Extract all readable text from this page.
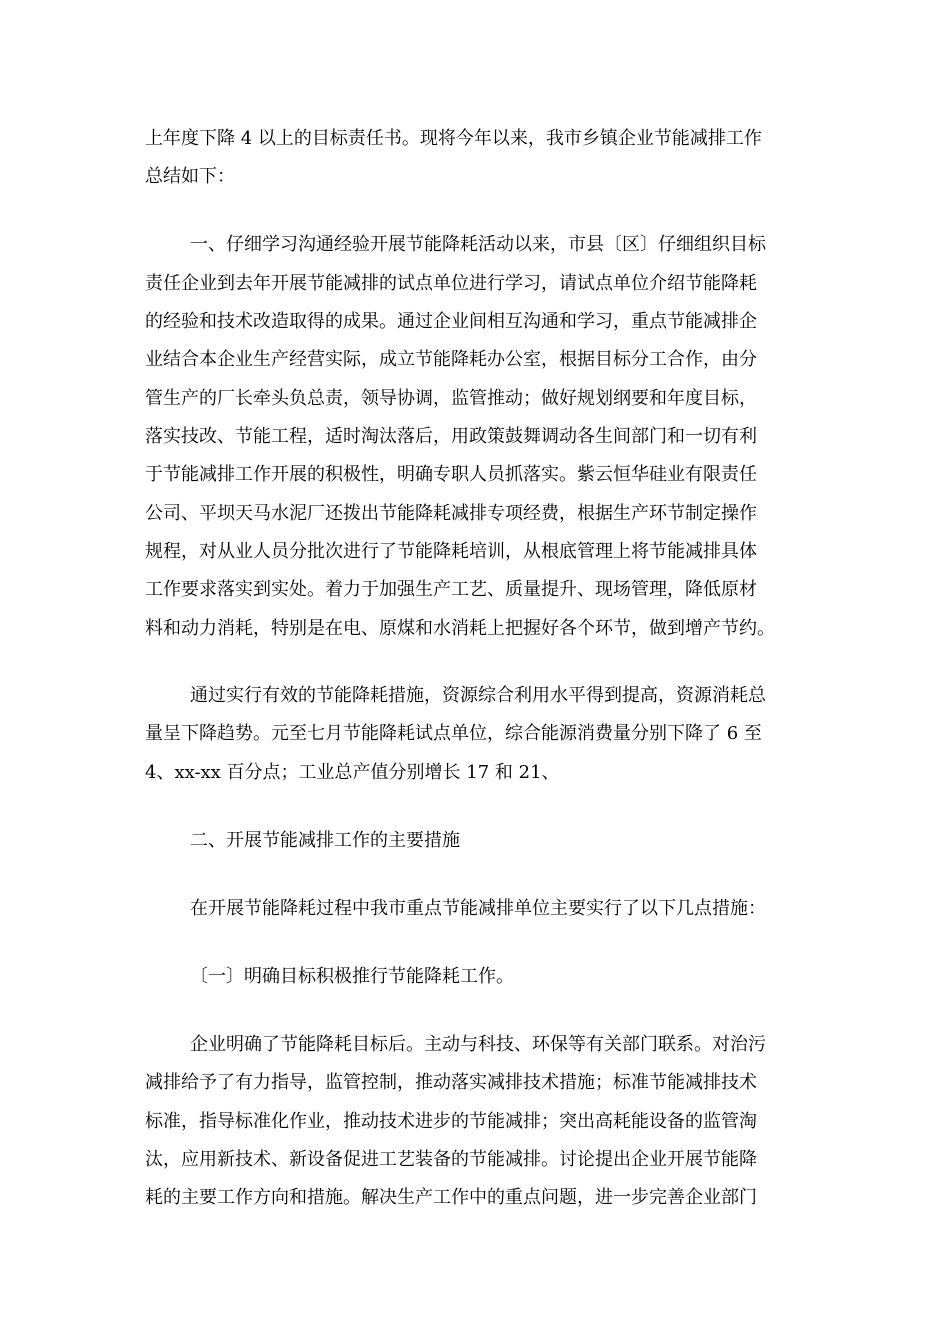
上年度下降 4 以上的目标责任书。现将今年以来，我市乡镇企业节能减排工作

总结如下：

一、仔细学习沟通经验开展节能降耗活动以来，市县〔区〕仔细组织目标

责任企业到去年开展节能减排的试点单位进行学习，请试点单位介绍节能降耗

的经验和技术改造取得的成果。通过企业间相互沟通和学习，重点节能减排企

业结合本企业生产经营实际，成立节能降耗办公室，根据目标分工合作，由分

管生产的厂长牵头负总责，领导协调，监管推动；做好规划纲要和年度目标，

落实技改、节能工程，适时淘汰落后，用政策鼓舞调动各生间部门和一切有利

于节能减排工作开展的积极性，明确专职人员抓落实。紫云恒华硅业有限责任

公司、平坝天马水泥厂还拨出节能降耗减排专项经费，根据生产环节制定操作

规程，对从业人员分批次进行了节能降耗培训，从根底管理上将节能减排具体

工作要求落实到实处。着力于加强生产工艺、质量提升、现场管理，降低原材

料和动力消耗，特别是在电、原煤和水消耗上把握好各个环节，做到增产节约。

通过实行有效的节能降耗措施，资源综合利用水平得到提高，资源消耗总

量呈下降趋势。元至七月节能降耗试点单位，综合能源消费量分别下降了 6 至

4、xx-xx 百分点；工业总产值分别增长 17 和 21、

二、开展节能减排工作的主要措施

在开展节能降耗过程中我市重点节能减排单位主要实行了以下几点措施：

〔一〕明确目标积极推行节能降耗工作。

企业明确了节能降耗目标后。主动与科技、环保等有关部门联系。对治污

减排给予了有力指导，监管控制，推动落实减排技术措施；标准节能减排技术

标准，指导标准化作业，推动技术进步的节能减排；突出高耗能设备的监管淘

汰，应用新技术、新设备促进工艺装备的节能减排。讨论提出企业开展节能降

耗的主要工作方向和措施。解决生产工作中的重点问题，进一步完善企业部门
